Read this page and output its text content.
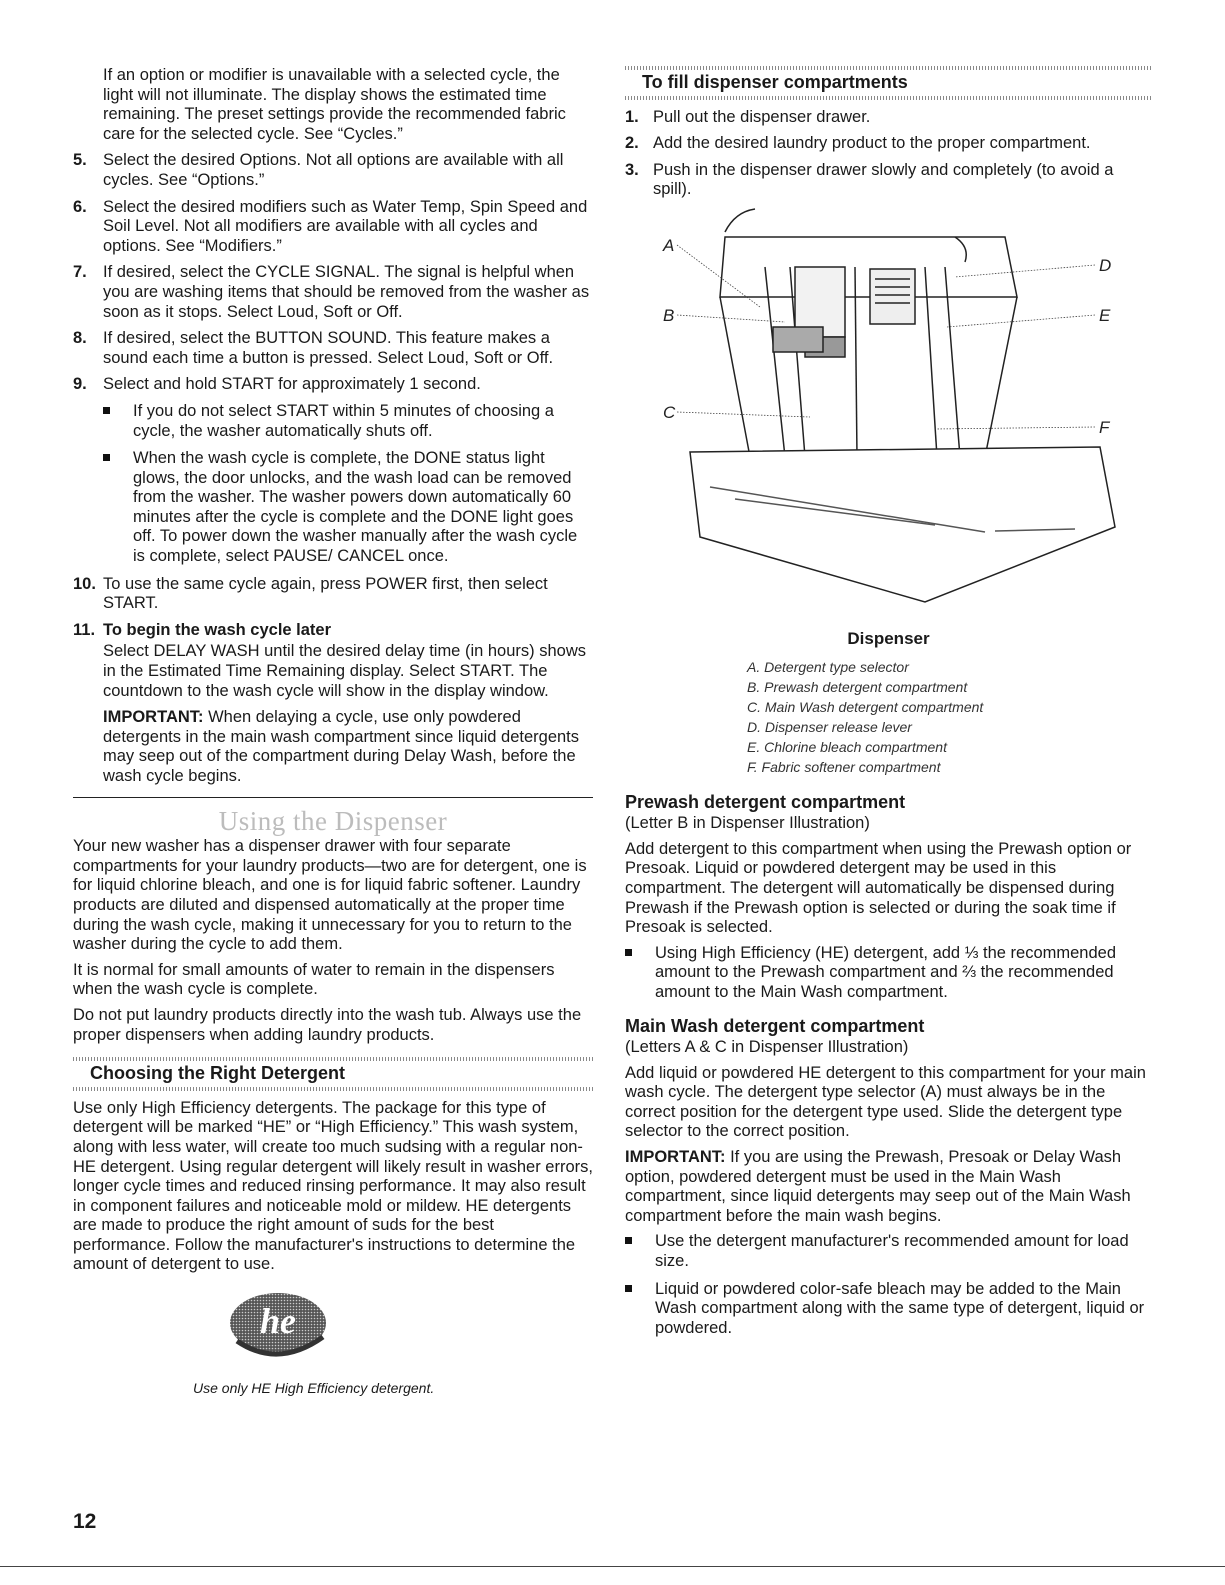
If an option or modifier is unavailable with a selected cycle, the light will not illuminate. The display shows the estimated time remaining. The preset settings provide the recommended fabric care for the selected cycle. See “Cycles.”

5. Select the desired Options. Not all options are available with all cycles. See “Options.”
6. Select the desired modifiers such as Water Temp, Spin Speed and Soil Level. Not all modifiers are available with all cycles and options. See “Modifiers.”
7. If desired, select the CYCLE SIGNAL. The signal is helpful when you are washing items that should be removed from the washer as soon as it stops. Select Loud, Soft or Off.
8. If desired, select the BUTTON SOUND. This feature makes a sound each time a button is pressed. Select Loud, Soft or Off.
9. Select and hold START for approximately 1 second.
If you do not select START within 5 minutes of choosing a cycle, the washer automatically shuts off.
When the wash cycle is complete, the DONE status light glows, the door unlocks, and the wash load can be removed from the washer. The washer powers down automatically 60 minutes after the cycle is complete and the DONE light goes off. To power down the washer manually after the wash cycle is complete, select PAUSE/ CANCEL once.
10. To use the same cycle again, press POWER first, then select START.
11. To begin the wash cycle later

Select DELAY WASH until the desired delay time (in hours) shows in the Estimated Time Remaining display. Select START. The countdown to the wash cycle will show in the display window.

IMPORTANT: When delaying a cycle, use only powdered detergents in the main wash compartment since liquid detergents may seep out of the compartment during Delay Wash, before the wash cycle begins.

Using the Dispenser

Your new washer has a dispenser drawer with four separate compartments for your laundry products—two are for detergent, one is for liquid chlorine bleach, and one is for liquid fabric softener. Laundry products are diluted and dispensed automatically at the proper time during the wash cycle, making it unnecessary for you to return to the washer during the cycle to add them.

It is normal for small amounts of water to remain in the dispensers when the wash cycle is complete.

Do not put laundry products directly into the wash tub. Always use the proper dispensers when adding laundry products.

Choosing the Right Detergent

Use only High Efficiency detergents. The package for this type of detergent will be marked “HE” or “High Efficiency.” This wash system, along with less water, will create too much sudsing with a regular non-HE detergent. Using regular detergent will likely result in washer errors, longer cycle times and reduced rinsing performance. It may also result in component failures and noticeable mold or mildew. HE detergents are made to produce the right amount of suds for the best performance. Follow the manufacturer's instructions to determine the amount of detergent to use.

he
Use only HE High Efficiency detergent.
To fill dispenser compartments
1. Pull out the dispenser drawer.
2. Add the desired laundry product to the proper compartment.
3. Push in the dispenser drawer slowly and completely (to avoid a spill).
A
B
C
D
E
F
Dispenser
A. Detergent type selector
B. Prewash detergent compartment
C. Main Wash detergent compartment
D. Dispenser release lever
E. Chlorine bleach compartment
F. Fabric softener compartment
Prewash detergent compartment

(Letter B in Dispenser Illustration)

Add detergent to this compartment when using the Prewash option or Presoak. Liquid or powdered detergent may be used in this compartment. The detergent will automatically be dispensed during Prewash if the Prewash option is selected or during the soak time if Presoak is selected.

Using High Efficiency (HE) detergent, add ⅓ the recommended amount to the Prewash compartment and ⅔ the recommended amount to the Main Wash compartment.
Main Wash detergent compartment

(Letters A & C in Dispenser Illustration)

Add liquid or powdered HE detergent to this compartment for your main wash cycle. The detergent type selector (A) must always be in the correct position for the detergent type used. Slide the detergent type selector to the correct position.

IMPORTANT: If you are using the Prewash, Presoak or Delay Wash option, powdered detergent must be used in the Main Wash compartment, since liquid detergents may seep out of the Main Wash compartment before the main wash begins.

Use the detergent manufacturer's recommended amount for load size.
Liquid or powdered color-safe bleach may be added to the Main Wash compartment along with the same type of detergent, liquid or powdered.
12
